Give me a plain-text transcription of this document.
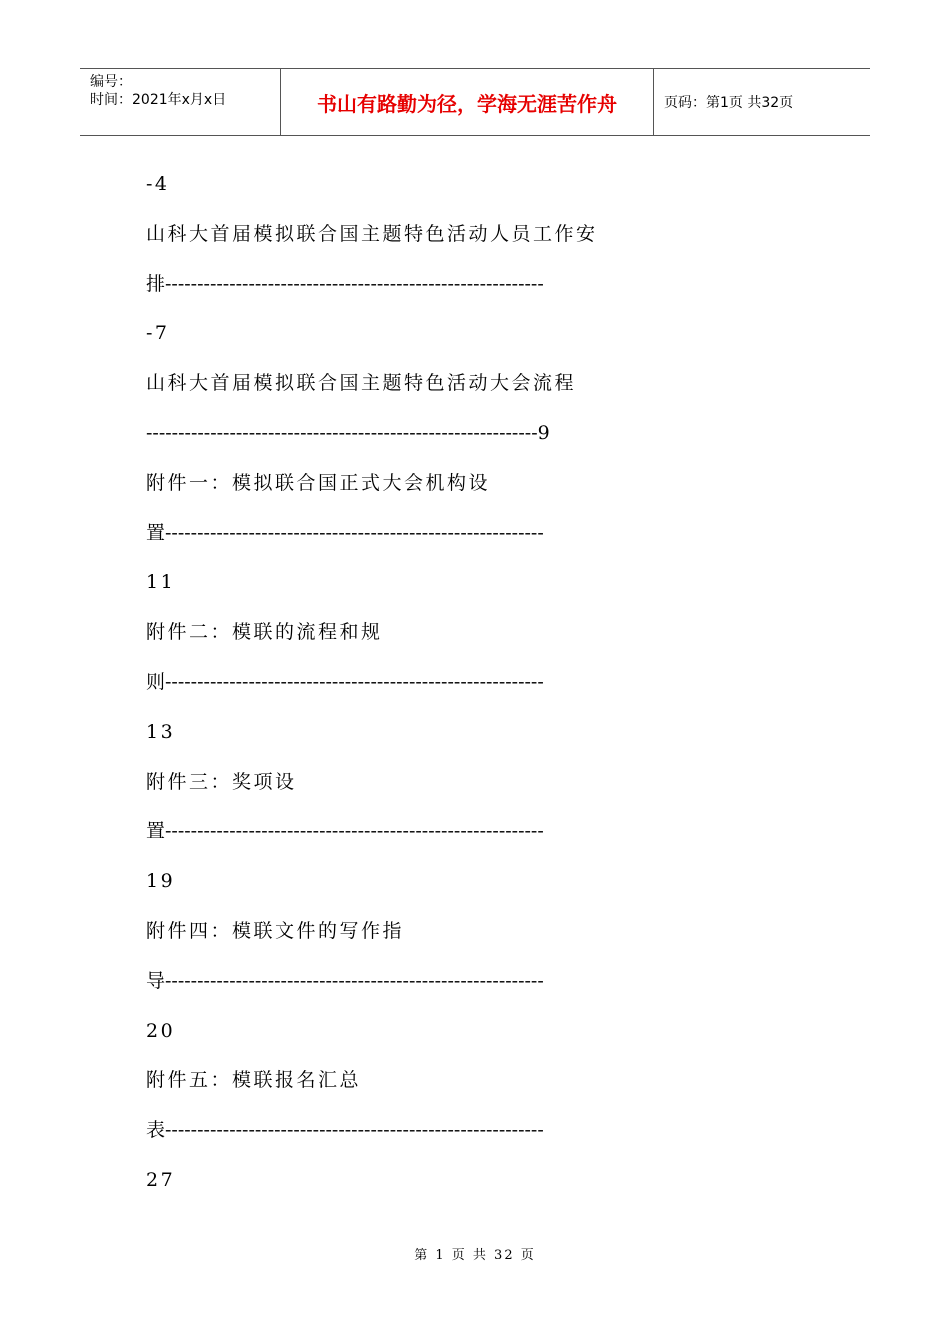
编号：
时间：2021年x月x日	书山有路勤为径，学海无涯苦作舟	页码：第1页 共32页
-4
山科大首届模拟联合国主题特色活动人员工作安
排-----------------------------------------------------------
-7
山科大首届模拟联合国主题特色活动大会流程
-------------------------------------------------------------9
附件一：模拟联合国正式大会机构设
置-----------------------------------------------------------
11
附件二：模联的流程和规
则-----------------------------------------------------------
13
附件三：奖项设
置-----------------------------------------------------------
19
附件四：模联文件的写作指
导-----------------------------------------------------------
20
附件五：模联报名汇总
表-----------------------------------------------------------
27
第 1 页 共 32 页
